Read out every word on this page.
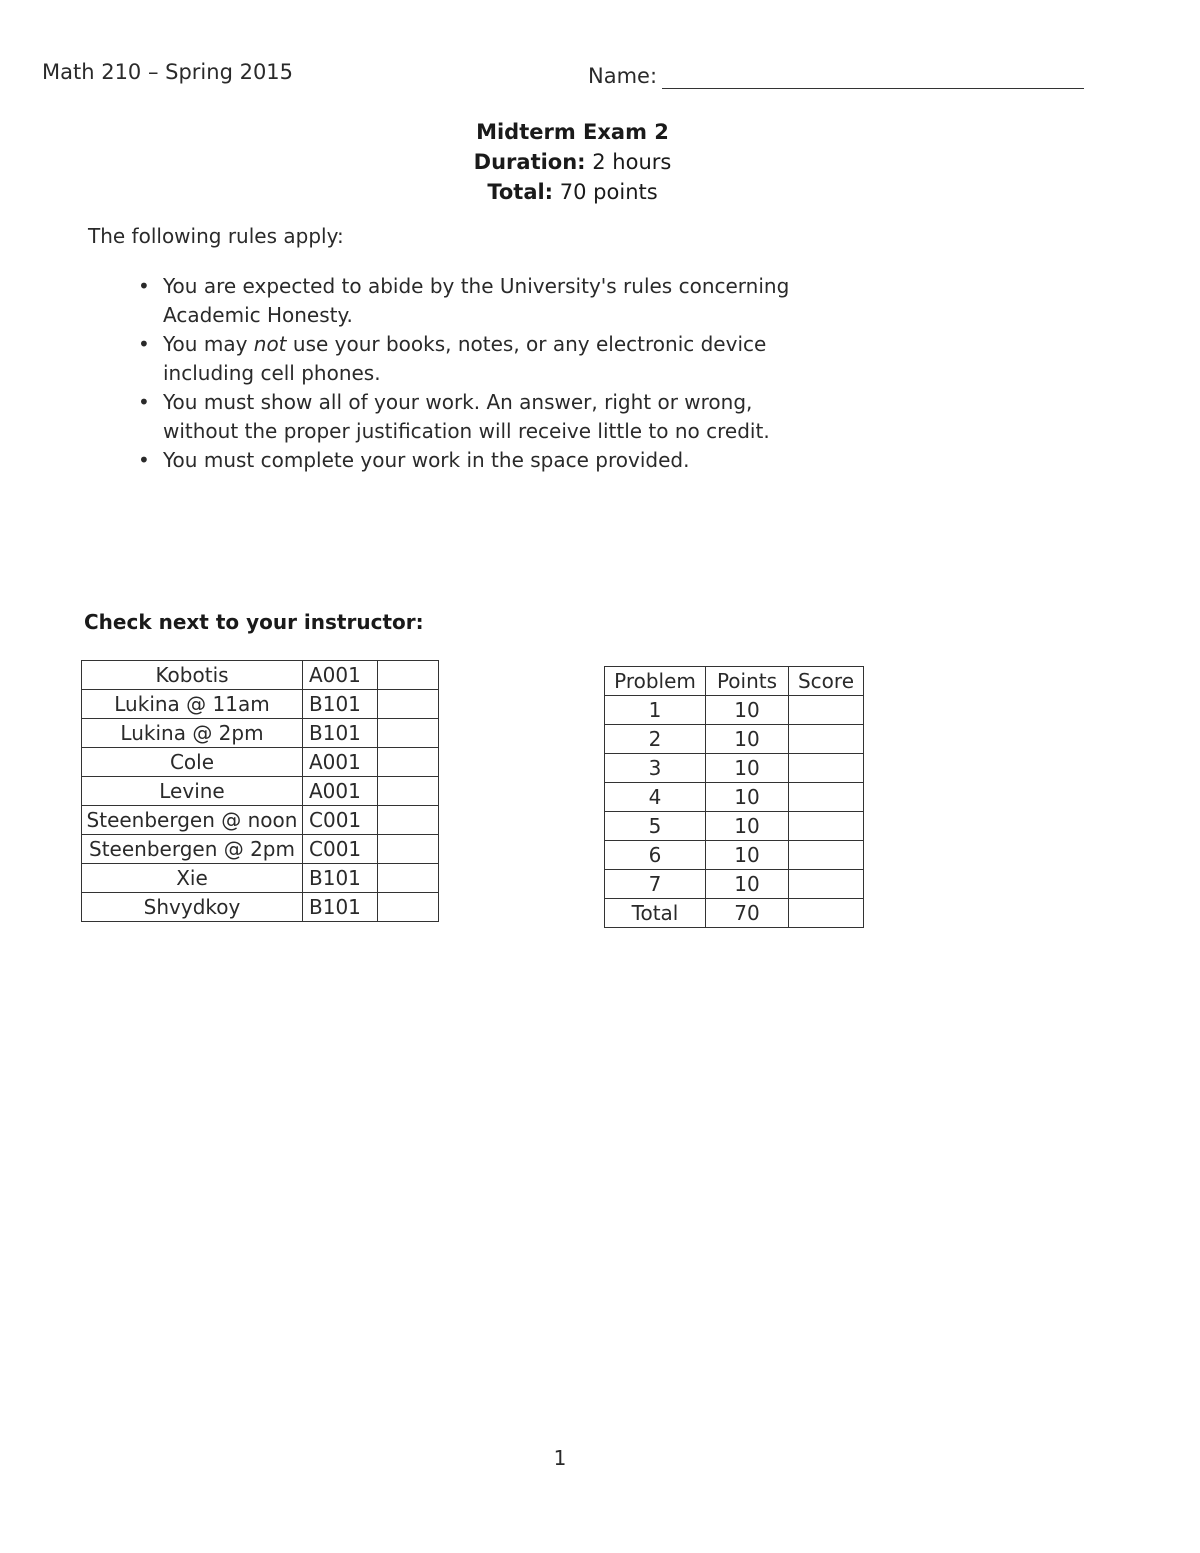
Math 210 – Spring 2015	Name:
Midterm Exam 2
Duration: 2 hours
Total: 70 points
The following rules apply:
• You are expected to abide by the University's rules concerning Academic Honesty.
• You may not use your books, notes, or any electronic device including cell phones.
• You must show all of your work. An answer, right or wrong, without the proper justification will receive little to no credit.
• You must complete your work in the space provided.
Check next to your instructor:
Kobotis	A001	
Lukina @ 11am	B101	
Lukina @ 2pm	B101	
Cole	A001	
Levine	A001	
Steenbergen @ noon	C001	
Steenbergen @ 2pm	C001	
Xie	B101	
Shvydkoy	B101	
Problem	Points	Score
1	10	
2	10	
3	10	
4	10	
5	10	
6	10	
7	10	
Total	70	
1
